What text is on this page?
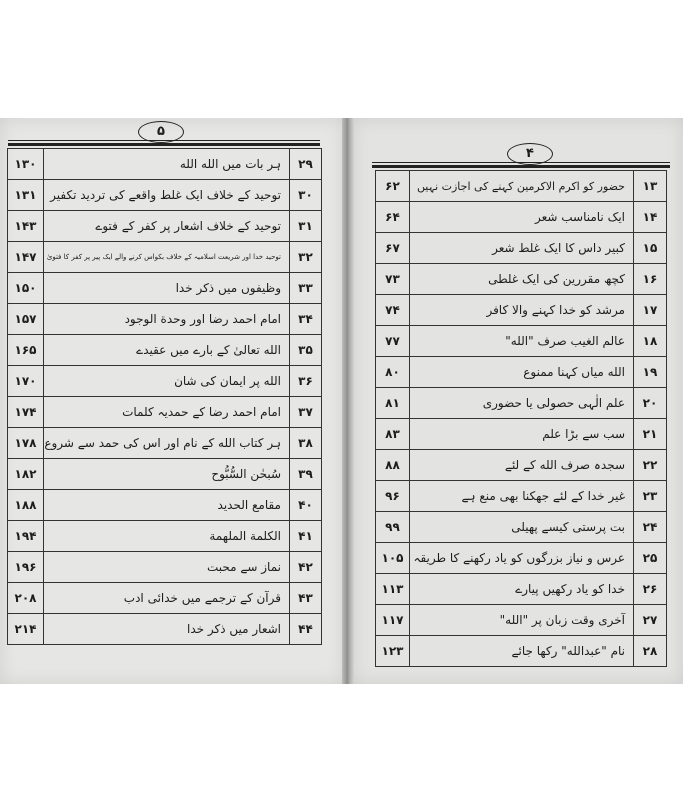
۵
۴
۱۳۰	ہر بات میں الله الله	۲۹
۱۳۱	توحید کے خلاف ایک غلط واقعے کی تردید تکفیر	۳۰
۱۴۳	توحید کے خلاف اشعار پر کفر کے فتوے	۳۱
۱۴۷	توحید خدا اور شریعت اسلامیہ کے خلاف بکواس کرنے والے ایک پیر پر کفر کا فتویٰ	۳۲
۱۵۰	وظیفوں میں ذکر خدا	۳۳
۱۵۷	امام احمد رضا اور وحدة الوجود	۳۴
۱۶۵	الله تعالیٰ کے بارے میں عقیدے	۳۵
۱۷۰	الله پر ایمان کی شان	۳۶
۱۷۴	امام احمد رضا کے حمدیہ کلمات	۳۷
۱۷۸	ہر کتاب الله کے نام اور اس کی حمد سے شروع	۳۸
۱۸۲	سُبحٰن السُّبُّوح	۳۹
۱۸۸	مقامع الحدید	۴۰
۱۹۴	الکلمة الملهمة	۴۱
۱۹۶	نماز سے محبت	۴۲
۲۰۸	قرآن کے ترجمے میں خدائی ادب	۴۳
۲۱۴	اشعار میں ذکر خدا	۴۴
۶۲	حضور کو اکرم الاکرمین کہنے کی اجازت نہیں	۱۳
۶۴	ایک نامناسب شعر	۱۴
۶۷	کبیر داس کا ایک غلط شعر	۱۵
۷۳	کچھ مقررین کی ایک غلطی	۱۶
۷۴	مرشد کو خدا کہنے والا کافر	۱۷
۷۷	عالم الغیب صرف "الله"	۱۸
۸۰	الله میاں کہنا ممنوع	۱۹
۸۱	علم الٰہی حصولی یا حضوری	۲۰
۸۳	سب سے بڑا علم	۲۱
۸۸	سجدہ صرف الله کے لئے	۲۲
۹۶	غیر خدا کے لئے جھکنا بھی منع ہے	۲۳
۹۹	بت پرستی کیسے پھیلی	۲۴
۱۰۵	عرس و نیاز بزرگوں کو یاد رکھنے کا طریقہ	۲۵
۱۱۳	خدا کو یاد رکھیں پیارے	۲۶
۱۱۷	آخری وقت زبان پر "الله"	۲۷
۱۲۳	نام "عبدالله" رکھا جائے	۲۸
